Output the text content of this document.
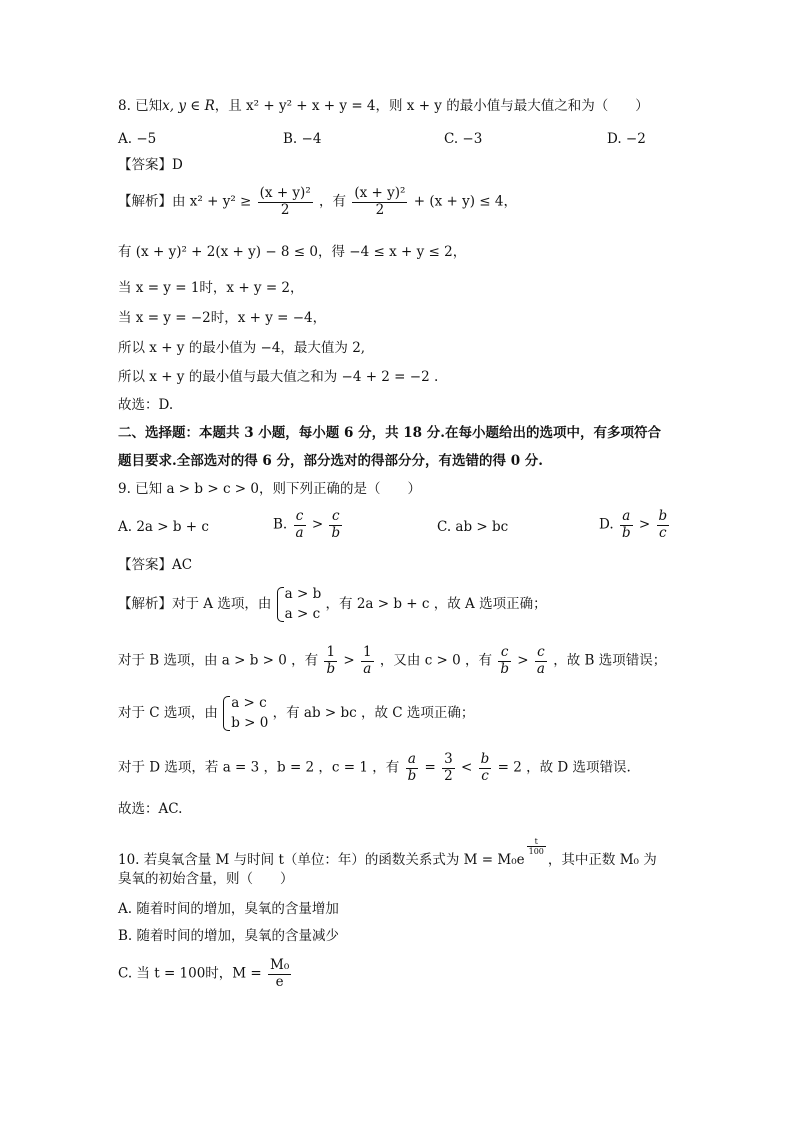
8. 已知x, y ∈ R，且 x² + y² + x + y = 4，则 x + y 的最小值与最大值之和为（　　）
A. −5	B. −4	C. −3	D. −2
【答案】D
【解析】由 $x^2 + y^2 \ge \frac{\text{(x + y)²}}{2}$ ，有 $\frac{\text{(x + y)²}}{2} + (x + y) \le 4$，
有 (x + y)² + 2(x + y) − 8 ≤ 0，得 −4 ≤ x + y ≤ 2，
当 x = y = 1时，x + y = 2，
当 x = y = −2时，x + y = −4，
所以 x + y 的最小值为 −4，最大值为 2,
所以 x + y 的最小值与最大值之和为 −4 + 2 = −2 .
故选：D.
二、选择题：本题共 3 小题，每小题 6 分，共 18 分.在每小题给出的选项中，有多项符合
题目要求.全部选对的得 6 分，部分选对的得部分分，有选错的得 0 分.
9. 已知 a > b > c > 0，则下列正确的是（　　）
A. 2a > b + c	B. $\frac{c}{a} > \frac{c}{b}$	C. ab > bc	D. $\frac{a}{b} > \frac{b}{c}$
【答案】AC
【解析】对于 A 选项，由
a > b
a > c
，有 2a > b + c ，故 A 选项正确；
对于 B 选项，由 a > b > 0 ，有 $\frac{1}{b} > \frac{1}{a}$ ，又由 c > 0 ，有 $\frac{c}{b} > \frac{c}{a}$ ，故 B 选项错误；
对于 C 选项，由
a > c
b > 0
，有 ab > bc ，故 C 选项正确；
对于 D 选项，若 a = 3 ，b = 2 ，c = 1 ，有 $\frac{a}{b} = \frac{3}{2} < \frac{b}{c} = 2$ ，故 D 选项错误.
故选：AC.
10. 若臭氧含量 M 与时间 t（单位：年）的函数关系式为 M = M₀e
$\frac{t}{100}$
，其中正数 M₀ 为
臭氧的初始含量，则（　　）
A. 随着时间的增加，臭氧的含量增加
B. 随着时间的增加，臭氧的含量减少
C. 当 t = 100时，$M = \frac{\text{M₀}}{e}$
